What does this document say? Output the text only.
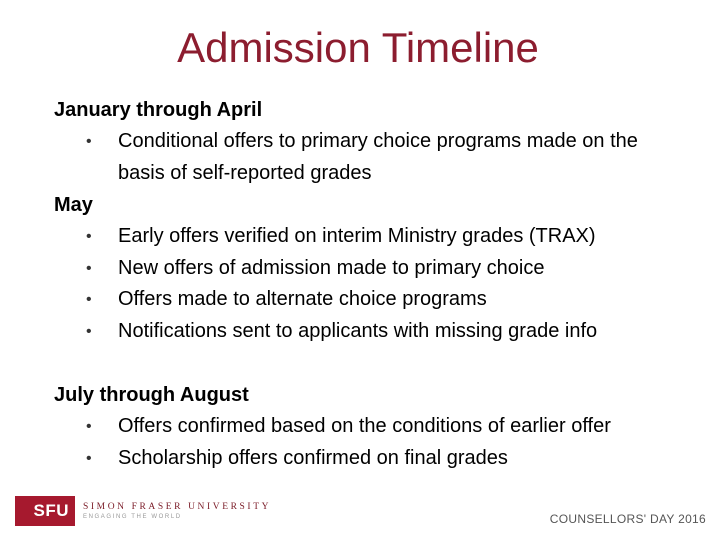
Admission Timeline
January through April
• Conditional offers to primary choice programs made on the basis of self-reported grades
May
• Early offers verified on interim Ministry grades (TRAX)
• New offers of admission made to primary choice
• Offers made to alternate choice programs
• Notifications sent to applicants with missing grade info
July through August
• Offers confirmed based on the conditions of earlier offer
• Scholarship offers confirmed on final grades
SFU	SIMON FRASER UNIVERSITY
ENGAGING THE WORLD	COUNSELLORS' DAY 2016
